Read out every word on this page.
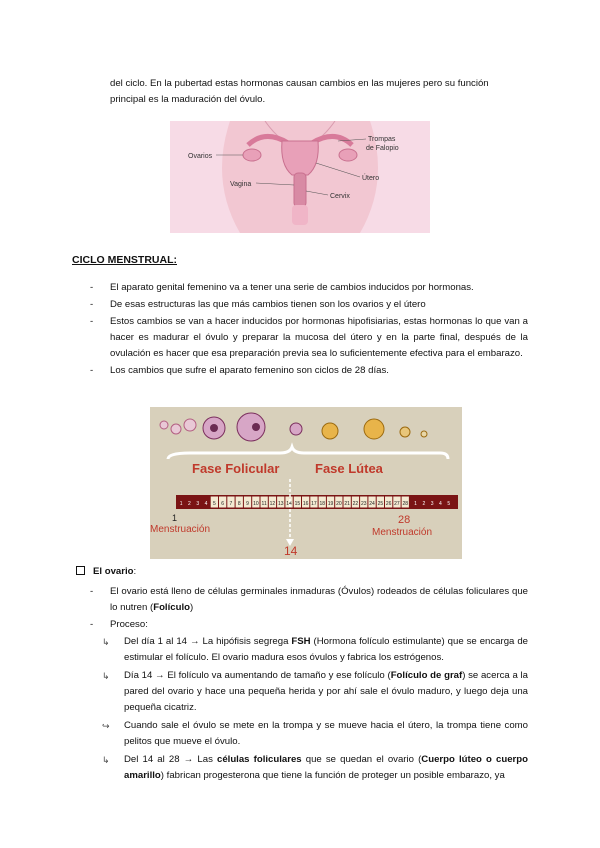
del ciclo. En la pubertad estas hormonas causan cambios en las mujeres pero su función

principal es la maduración del óvulo.

Ovarios
Trompas
de Falopio
Útero
Vagina
Cervix
CICLO MENSTRUAL:

- El aparato genital femenino va a tener una serie de cambios inducidos por hormonas.

- De esas estructuras las que más cambios tienen son los ovarios y el útero

- Estos cambios se van a hacer inducidos por hormonas hipofisiarias, estas hormonas lo que van a hacer es madurar el óvulo y preparar la mucosa del útero y en la parte final, después de la ovulación es hacer que esa preparación previa sea lo suficientemente efectiva para el embarazo.

- Los cambios que sufre el aparato femenino son ciclos de 28 días.

Fase Folicular	Fase Lútea
1 2 3 4 5 6 7 8 9 10 11 12 13 14 15 16 17 18 19 20 21 22 23 24 25 26 27 28 1 2 3 4 5
1	28
14
Menstruación	Menstruación
El ovario:

- El ovario está lleno de células germinales inmaduras (Óvulos) rodeados de células foliculares que lo nutren (Folículo)

- Proceso:

↳ Del día 1 al 14 → La hipófisis segrega FSH (Hormona folículo estimulante) que se encarga de estimular el folículo. El ovario madura esos óvulos y fabrica los estrógenos.

↳ Día 14 → El folículo va aumentando de tamaño y ese folículo (Folículo de graf) se acerca a la pared del ovario y hace una pequeña herida y por ahí sale el óvulo maduro, y luego deja una pequeña cicatriz.

↪ Cuando sale el óvulo se mete en la trompa y se mueve hacia el útero, la trompa tiene como pelitos que mueve el óvulo.

↳ Del 14 al 28 → Las células foliculares que se quedan el ovario (Cuerpo lúteo o cuerpo amarillo) fabrican progesterona que tiene la función de proteger un posible embarazo, ya
